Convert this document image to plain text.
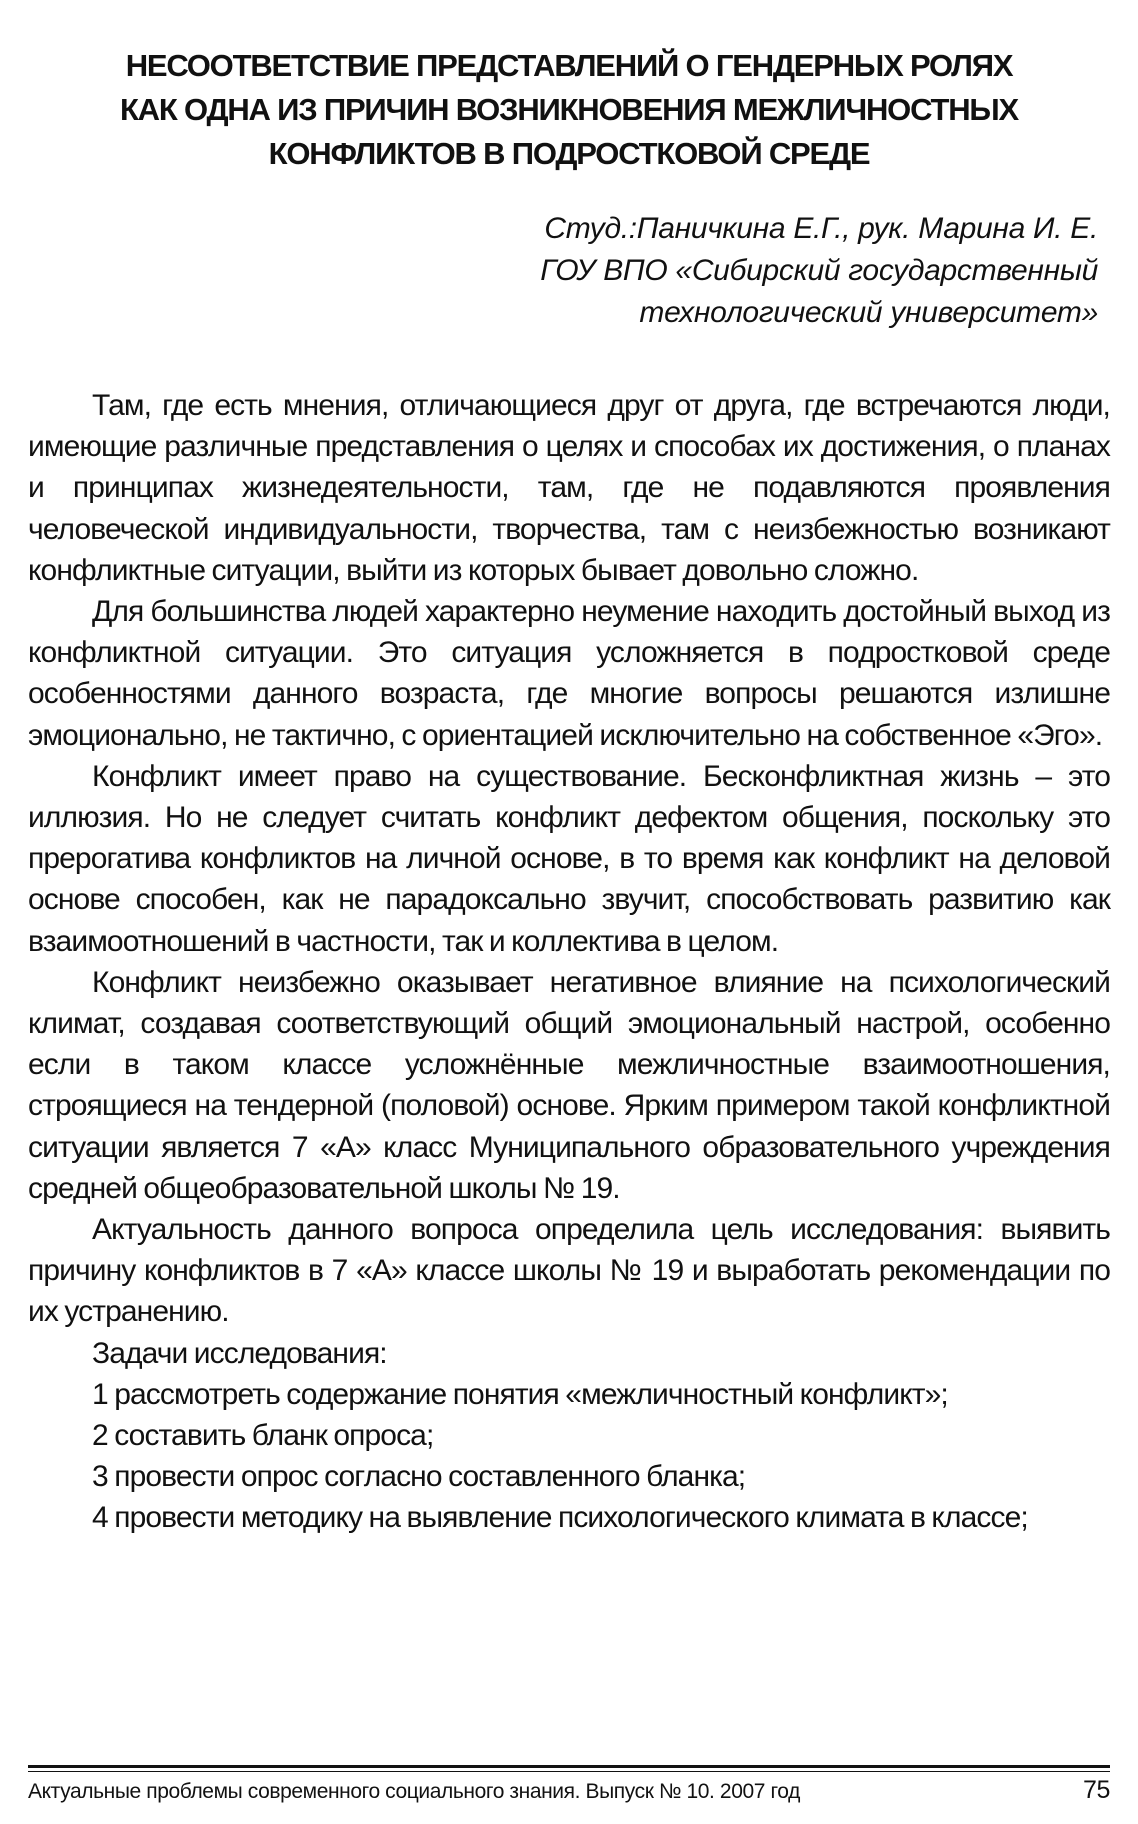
НЕСООТВЕТСТВИЕ ПРЕДСТАВЛЕНИЙ О ГЕНДЕРНЫХ РОЛЯХ
КАК ОДНА ИЗ ПРИЧИН ВОЗНИКНОВЕНИЯ МЕЖЛИЧНОСТНЫХ
КОНФЛИКТОВ В ПОДРОСТКОВОЙ СРЕДЕ
Студ.:Паничкина Е.Г., рук. Марина И. Е.
ГОУ ВПО «Сибирский государственный
технологический университет»

Там, где есть мнения, отличающиеся друг от друга, где встречаются люди, имеющие различные представления о целях и способах их достижения, о планах и принципах жизнедеятельности, там, где не подавляются проявления человеческой индивидуальности, творчества, там с неизбежностью возникают конфликтные ситуации, выйти из которых бывает довольно сложно.

Для большинства людей характерно неумение находить достойный выход из конфликтной ситуации. Это ситуация усложняется в подростковой среде особенностями данного возраста, где многие вопросы решаются излишне эмоционально, не тактично, с ориентацией исключительно на собственное «Эго».

Конфликт имеет право на существование. Бесконфликтная жизнь – это иллюзия. Но не следует считать конфликт дефектом общения, поскольку это прерогатива конфликтов на личной основе, в то время как конфликт на деловой основе способен, как не парадоксально звучит, способствовать развитию как взаимоотношений в частности, так и коллектива в целом.

Конфликт неизбежно оказывает негативное влияние на психологический климат, создавая соответствующий общий эмоциональный настрой, особенно если в таком классе усложнённые межличностные взаимоотношения, строящиеся на тендерной (половой) основе. Ярким примером такой конфликтной ситуации является 7 «А» класс Муниципального образовательного учреждения средней общеобразовательной школы № 19.

Актуальность данного вопроса определила цель исследования: выявить причину конфликтов в 7 «А» классе школы № 19 и выработать рекомендации по их устранению.

Задачи исследования:

1 рассмотреть содержание понятия «межличностный конфликт»;

2 составить бланк опроса;

3 провести опрос согласно составленного бланка;

4 провести методику на выявление психологического климата в классе;

Актуальные проблемы современного социального знания. Выпуск № 10. 2007 год	75
